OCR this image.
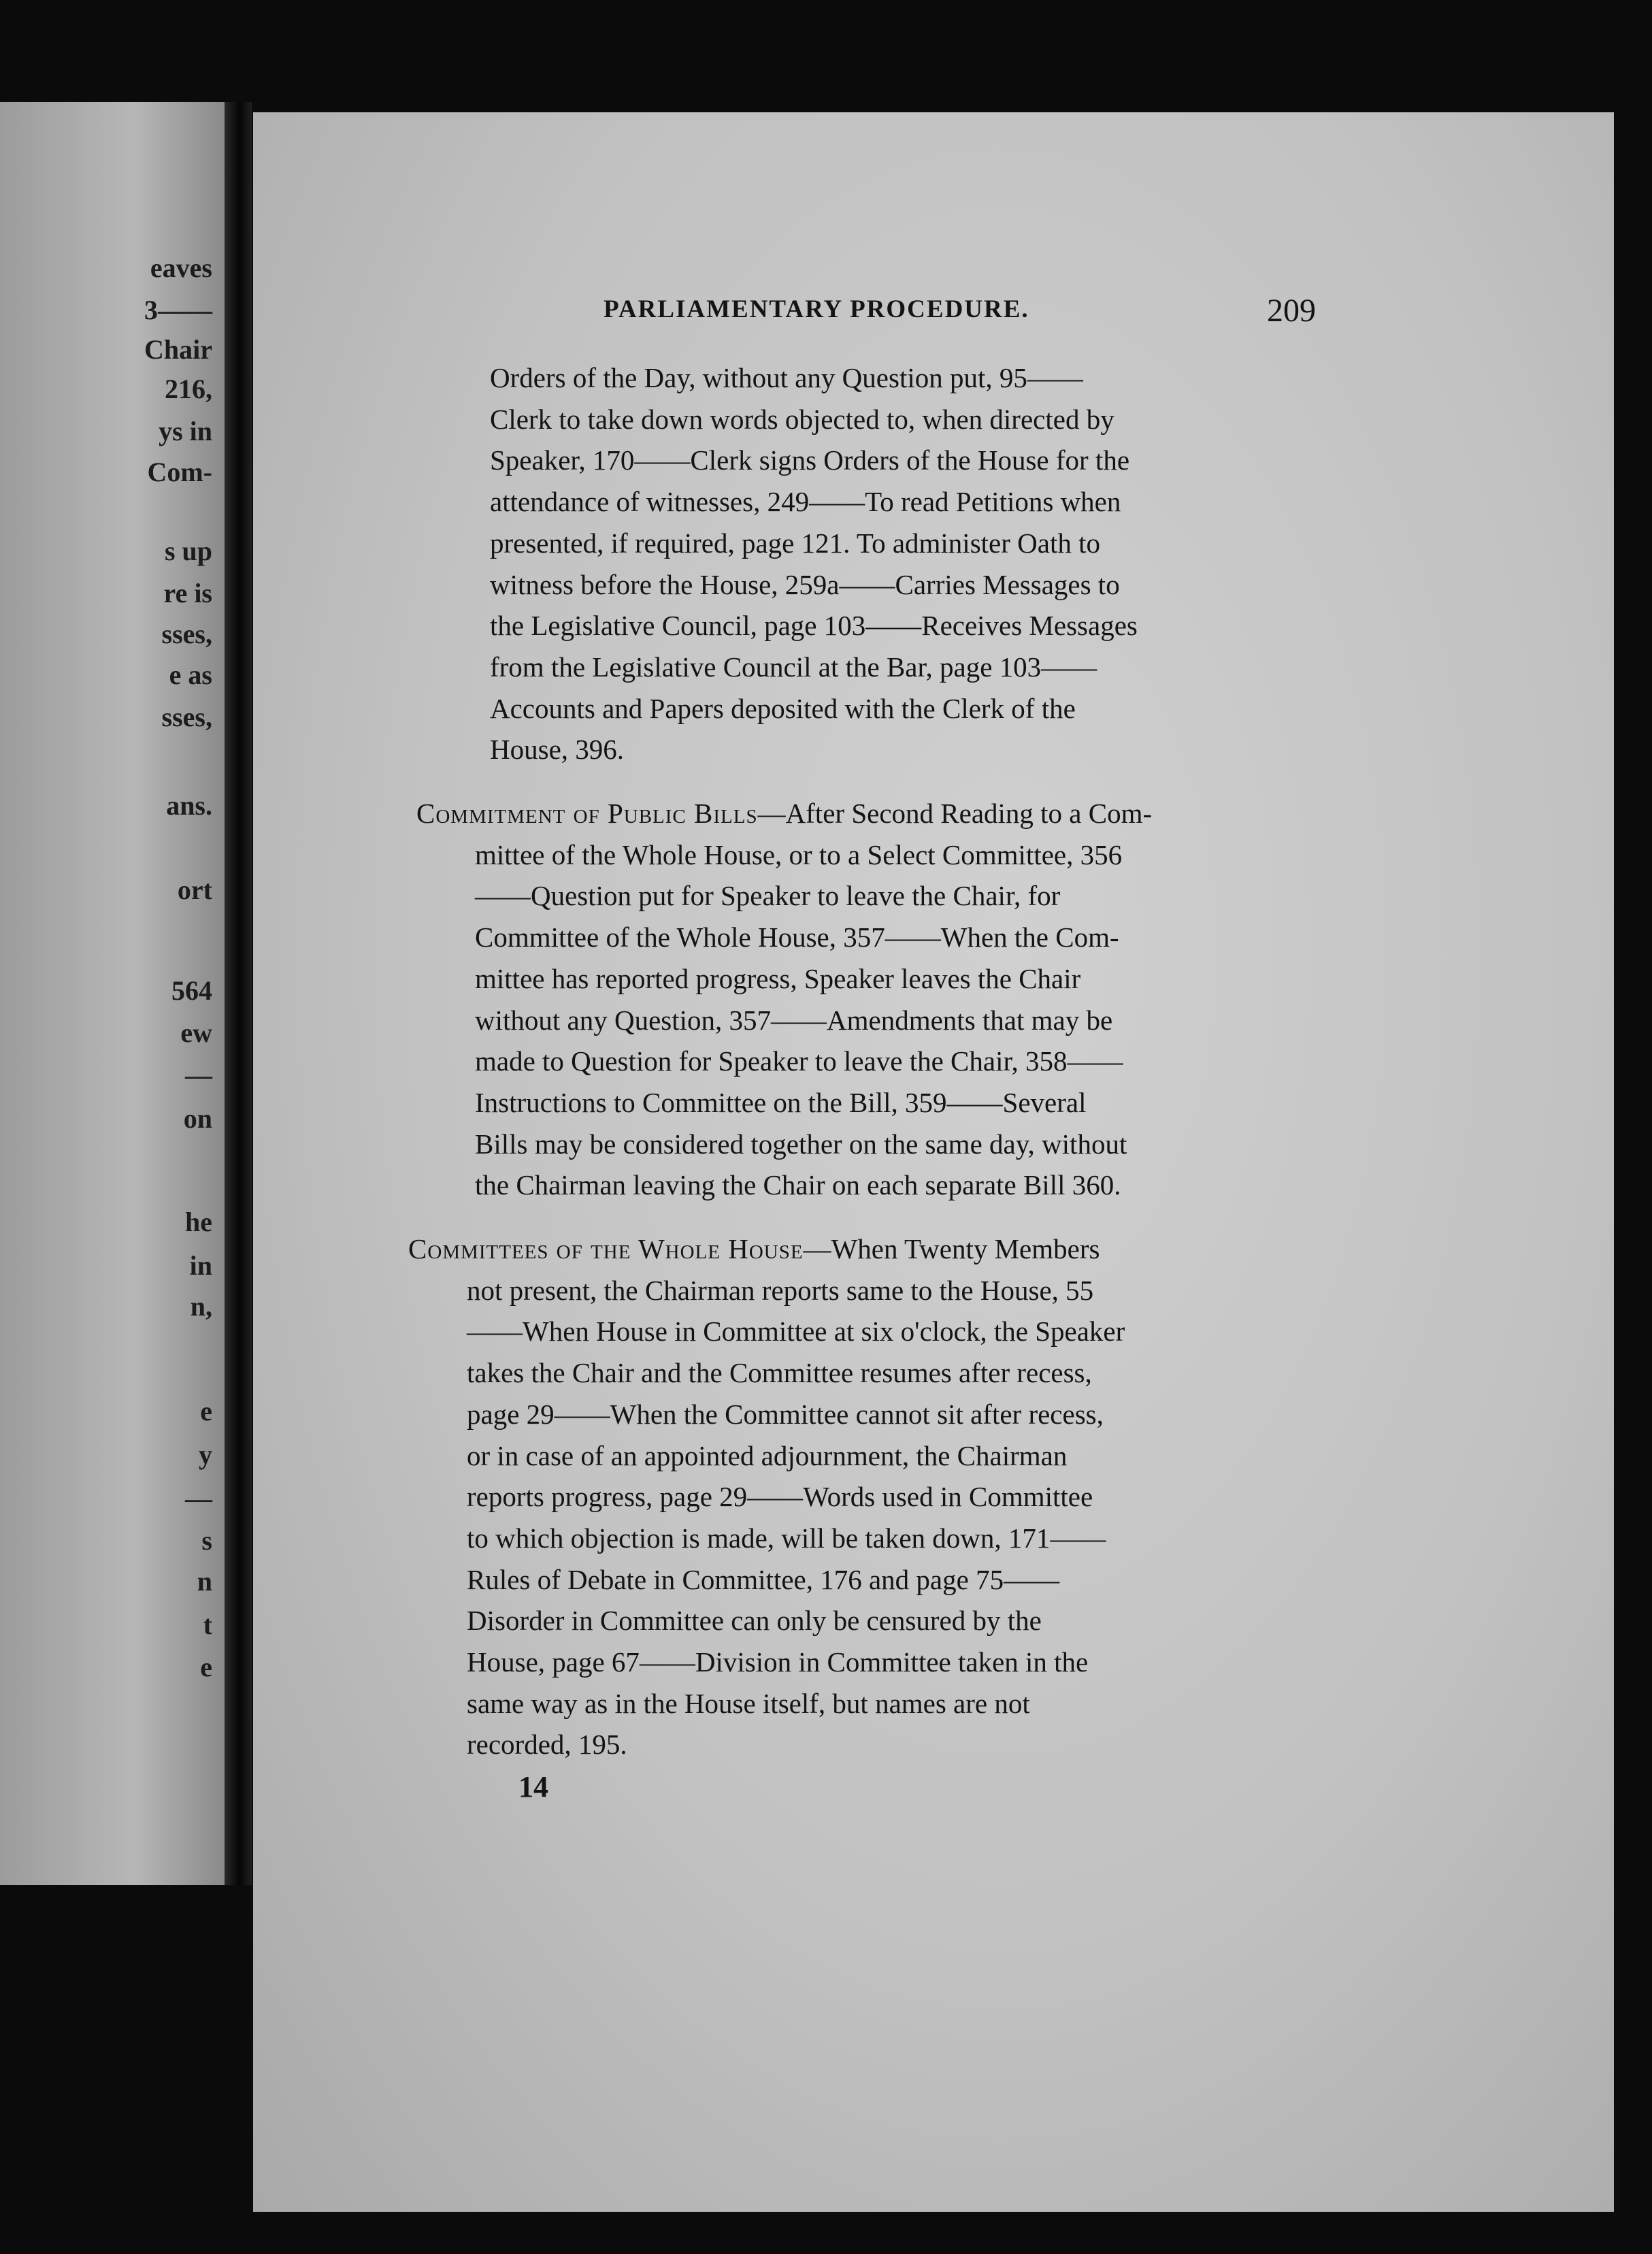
eaves
3——
Chair
216,
ys in
Com-
s up
re is
sses,
e as
sses,
ans.
ort
564
ew
—
on
he
in
n,
e
y
—
s
n
t
e
PARLIAMENTARY PROCEDURE.	209
Orders of the Day, without any Question put, 95——
Clerk to take down words objected to, when directed by
Speaker, 170——Clerk signs Orders of the House for the
attendance of witnesses, 249——To read Petitions when
presented, if required, page 121. To administer Oath to
witness before the House, 259a——Carries Messages to
the Legislative Council, page 103——Receives Messages
from the Legislative Council at the Bar, page 103——
Accounts and Papers deposited with the Clerk of the
House, 396.
Commitment of Public Bills—After Second Reading to a Com-
mittee of the Whole House, or to a Select Committee, 356
——Question put for Speaker to leave the Chair, for
Committee of the Whole House, 357——When the Com-
mittee has reported progress, Speaker leaves the Chair
without any Question, 357——Amendments that may be
made to Question for Speaker to leave the Chair, 358——
Instructions to Committee on the Bill, 359——Several
Bills may be considered together on the same day, without
the Chairman leaving the Chair on each separate Bill 360.
Committees of the Whole House—When Twenty Members
not present, the Chairman reports same to the House, 55
——When House in Committee at six o'clock, the Speaker
takes the Chair and the Committee resumes after recess,
page 29——When the Committee cannot sit after recess,
or in case of an appointed adjournment, the Chairman
reports progress, page 29——Words used in Committee
to which objection is made, will be taken down, 171——
Rules of Debate in Committee, 176 and page 75——
Disorder in Committee can only be censured by the
House, page 67——Division in Committee taken in the
same way as in the House itself, but names are not
recorded, 195.
14
